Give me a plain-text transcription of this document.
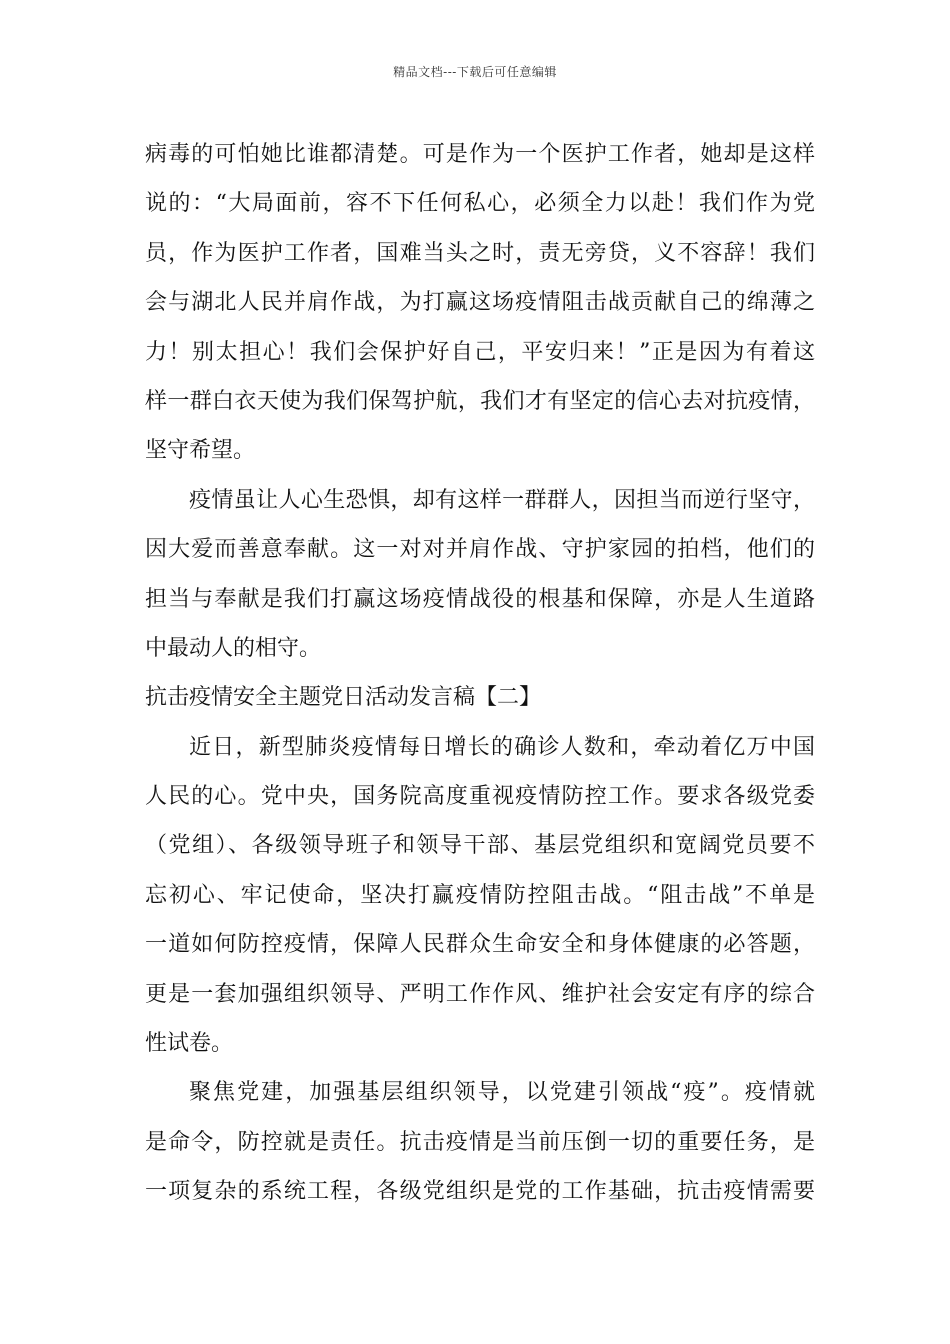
精品文档---下载后可任意编辑
病毒的可怕她比谁都清楚。可是作为一个医护工作者，她却是这样
说的：“大局面前，容不下任何私心，必须全力以赴！我们作为党
员，作为医护工作者，国难当头之时，责无旁贷，义不容辞！我们
会与湖北人民并肩作战，为打赢这场疫情阻击战贡献自己的绵薄之
力！别太担心！我们会保护好自己，平安归来！”正是因为有着这
样一群白衣天使为我们保驾护航，我们才有坚定的信心去对抗疫情，
坚守希望。
疫情虽让人心生恐惧，却有这样一群群人，因担当而逆行坚守，
因大爱而善意奉献。这一对对并肩作战、守护家园的拍档，他们的
担当与奉献是我们打赢这场疫情战役的根基和保障，亦是人生道路
中最动人的相守。
抗击疫情安全主题党日活动发言稿【二】
近日，新型肺炎疫情每日增长的确诊人数和，牵动着亿万中国
人民的心。党中央，国务院高度重视疫情防控工作。要求各级党委
（党组）、各级领导班子和领导干部、基层党组织和宽阔党员要不
忘初心、牢记使命，坚决打赢疫情防控阻击战。“阻击战”不单是
一道如何防控疫情，保障人民群众生命安全和身体健康的必答题，
更是一套加强组织领导、严明工作作风、维护社会安定有序的综合
性试卷。
聚焦党建，加强基层组织领导，以党建引领战“疫”。疫情就
是命令，防控就是责任。抗击疫情是当前压倒一切的重要任务，是
一项复杂的系统工程，各级党组织是党的工作基础，抗击疫情需要
